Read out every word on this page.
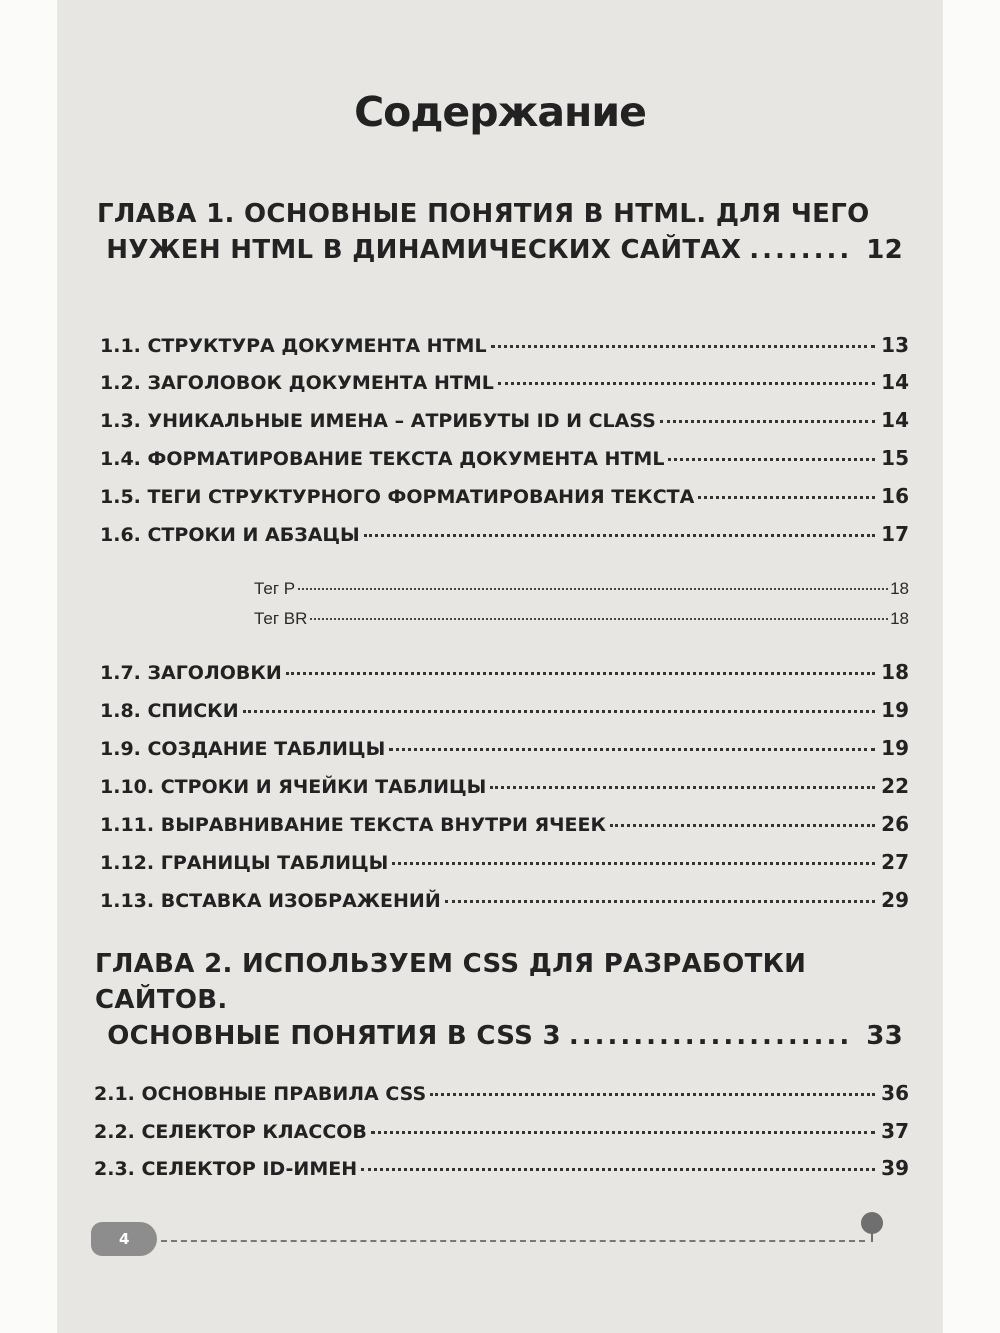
Содержание
ГЛАВА 1. ОСНОВНЫЕ ПОНЯТИЯ В HTML. ДЛЯ ЧЕГО
НУЖЕН HTML В ДИНАМИЧЕСКИХ САЙТАХ ........ 12
1.1. СТРУКТУРА ДОКУМЕНТА HTML	13
1.2. ЗАГОЛОВОК ДОКУМЕНТА HTML	14
1.3. УНИКАЛЬНЫЕ ИМЕНА – АТРИБУТЫ ID И CLASS	14
1.4. ФОРМАТИРОВАНИЕ ТЕКСТА ДОКУМЕНТА HTML	15
1.5. ТЕГИ СТРУКТУРНОГО ФОРМАТИРОВАНИЯ ТЕКСТА	16
1.6. СТРОКИ И АБЗАЦЫ	17
Тег P	18
Тег BR	18
1.7. ЗАГОЛОВКИ	18
1.8. СПИСКИ	19
1.9. СОЗДАНИЕ ТАБЛИЦЫ	19
1.10. СТРОКИ И ЯЧЕЙКИ ТАБЛИЦЫ	22
1.11. ВЫРАВНИВАНИЕ ТЕКСТА ВНУТРИ ЯЧЕЕК	26
1.12. ГРАНИЦЫ ТАБЛИЦЫ	27
1.13. ВСТАВКА ИЗОБРАЖЕНИЙ	29
ГЛАВА 2. ИСПОЛЬЗУЕМ CSS ДЛЯ РАЗРАБОТКИ САЙТОВ.
ОСНОВНЫЕ ПОНЯТИЯ В CSS 3 ...................... 33
2.1. ОСНОВНЫЕ ПРАВИЛА CSS	36
2.2. СЕЛЕКТОР КЛАССОВ	37
2.3. СЕЛЕКТОР ID-ИМЕН	39
4
